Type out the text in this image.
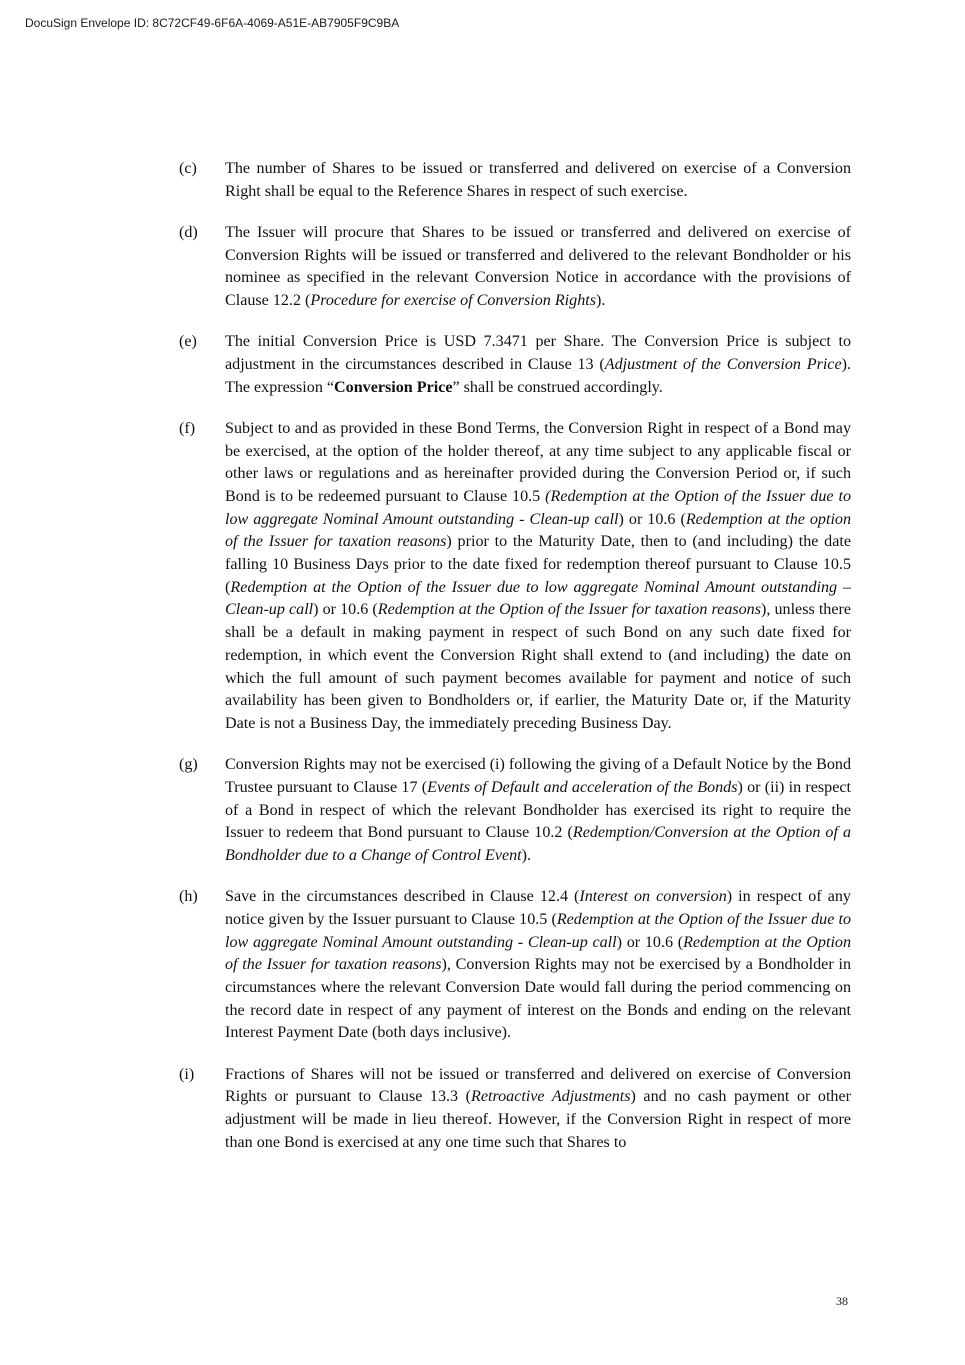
DocuSign Envelope ID: 8C72CF49-6F6A-4069-A51E-AB7905F9C9BA
(c)	The number of Shares to be issued or transferred and delivered on exercise of a Conversion Right shall be equal to the Reference Shares in respect of such exercise.
(d)	The Issuer will procure that Shares to be issued or transferred and delivered on exercise of Conversion Rights will be issued or transferred and delivered to the relevant Bondholder or his nominee as specified in the relevant Conversion Notice in accordance with the provisions of Clause 12.2 (Procedure for exercise of Conversion Rights).
(e)	The initial Conversion Price is USD 7.3471 per Share. The Conversion Price is subject to adjustment in the circumstances described in Clause 13 (Adjustment of the Conversion Price). The expression “Conversion Price” shall be construed accordingly.
(f)	Subject to and as provided in these Bond Terms, the Conversion Right in respect of a Bond may be exercised, at the option of the holder thereof, at any time subject to any applicable fiscal or other laws or regulations and as hereinafter provided during the Conversion Period or, if such Bond is to be redeemed pursuant to Clause 10.5 (Redemption at the Option of the Issuer due to low aggregate Nominal Amount outstanding - Clean-up call) or 10.6 (Redemption at the option of the Issuer for taxation reasons) prior to the Maturity Date, then to (and including) the date falling 10 Business Days prior to the date fixed for redemption thereof pursuant to Clause 10.5 (Redemption at the Option of the Issuer due to low aggregate Nominal Amount outstanding – Clean-up call) or 10.6 (Redemption at the Option of the Issuer for taxation reasons), unless there shall be a default in making payment in respect of such Bond on any such date fixed for redemption, in which event the Conversion Right shall extend to (and including) the date on which the full amount of such payment becomes available for payment and notice of such availability has been given to Bondholders or, if earlier, the Maturity Date or, if the Maturity Date is not a Business Day, the immediately preceding Business Day.
(g)	Conversion Rights may not be exercised (i) following the giving of a Default Notice by the Bond Trustee pursuant to Clause 17 (Events of Default and acceleration of the Bonds) or (ii) in respect of a Bond in respect of which the relevant Bondholder has exercised its right to require the Issuer to redeem that Bond pursuant to Clause 10.2 (Redemption/Conversion at the Option of a Bondholder due to a Change of Control Event).
(h)	Save in the circumstances described in Clause 12.4 (Interest on conversion) in respect of any notice given by the Issuer pursuant to Clause 10.5 (Redemption at the Option of the Issuer due to low aggregate Nominal Amount outstanding - Clean-up call) or 10.6 (Redemption at the Option of the Issuer for taxation reasons), Conversion Rights may not be exercised by a Bondholder in circumstances where the relevant Conversion Date would fall during the period commencing on the record date in respect of any payment of interest on the Bonds and ending on the relevant Interest Payment Date (both days inclusive).
(i)	Fractions of Shares will not be issued or transferred and delivered on exercise of Conversion Rights or pursuant to Clause 13.3 (Retroactive Adjustments) and no cash payment or other adjustment will be made in lieu thereof. However, if the Conversion Right in respect of more than one Bond is exercised at any one time such that Shares to
38
